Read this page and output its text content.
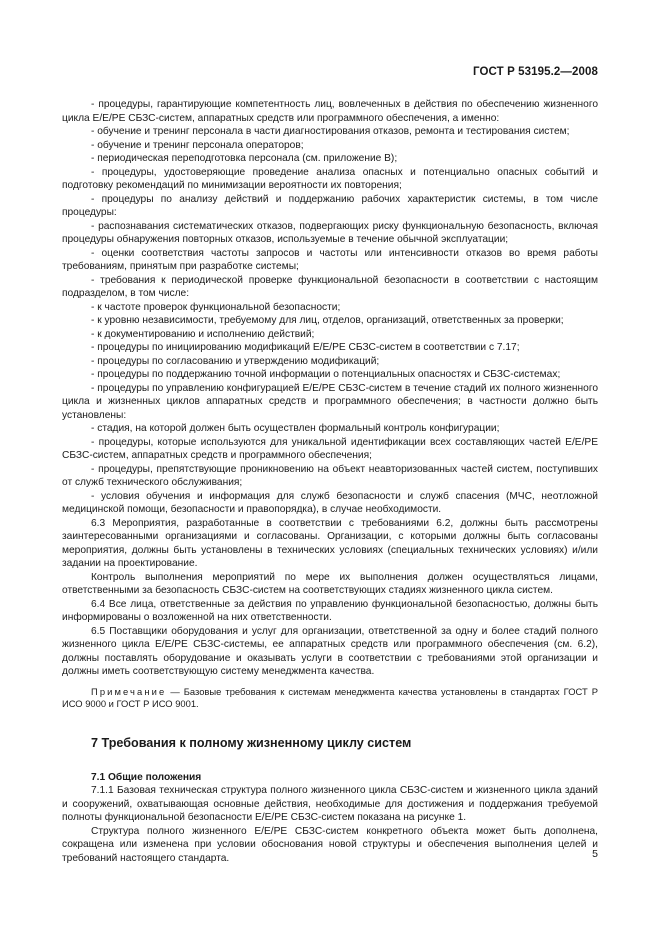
ГОСТ Р 53195.2—2008

- процедуры, гарантирующие компетентность лиц, вовлеченных в действия по обеспечению жизненного цикла Е/Е/РЕ СБЗС-систем, аппаратных средств или программного обеспечения, а именно:

- обучение и тренинг персонала в части диагностирования отказов, ремонта и тестирования систем;

- обучение и тренинг персонала операторов;

- периодическая переподготовка персонала (см. приложение В);

- процедуры, удостоверяющие проведение анализа опасных и потенциально опасных событий и подготовку рекомендаций по минимизации вероятности их повторения;

- процедуры по анализу действий и поддержанию рабочих характеристик системы, в том числе процедуры:

- распознавания систематических отказов, подвергающих риску функциональную безопасность, включая процедуры обнаружения повторных отказов, используемые в течение обычной эксплуатации;

- оценки соответствия частоты запросов и частоты или интенсивности отказов во время работы требованиям, принятым при разработке системы;

- требования к периодической проверке функциональной безопасности в соответствии с настоящим подразделом, в том числе:

- к частоте проверок функциональной безопасности;

- к уровню независимости, требуемому для лиц, отделов, организаций, ответственных за проверки;

- к документированию и исполнению действий;

- процедуры по инициированию модификаций Е/Е/РЕ СБЗС-систем в соответствии с 7.17;

- процедуры по согласованию и утверждению модификаций;

- процедуры по поддержанию точной информации о потенциальных опасностях и СБЗС-системах;

- процедуры по управлению конфигурацией Е/Е/РЕ СБЗС-систем в течение стадий их полного жизненного цикла и жизненных циклов аппаратных средств и программного обеспечения; в частности должно быть установлены:

- стадия, на которой должен быть осуществлен формальный контроль конфигурации;

- процедуры, которые используются для уникальной идентификации всех составляющих частей Е/Е/РЕ СБЗС-систем, аппаратных средств и программного обеспечения;

- процедуры, препятствующие проникновению на объект неавторизованных частей систем, поступивших от служб технического обслуживания;

- условия обучения и информация для служб безопасности и служб спасения (МЧС, неотложной медицинской помощи, безопасности и правопорядка), в случае необходимости.

6.3 Мероприятия, разработанные в соответствии с требованиями 6.2, должны быть рассмотрены заинтересованными организациями и согласованы. Организации, с которыми должны быть согласованы мероприятия, должны быть установлены в технических условиях (специальных технических условиях) и/или задании на проектирование.

Контроль выполнения мероприятий по мере их выполнения должен осуществляться лицами, ответственными за безопасность СБЗС-систем на соответствующих стадиях жизненного цикла систем.

6.4 Все лица, ответственные за действия по управлению функциональной безопасностью, должны быть информированы о возложенной на них ответственности.

6.5 Поставщики оборудования и услуг для организации, ответственной за одну и более стадий полного жизненного цикла Е/Е/РЕ СБЗС-системы, ее аппаратных средств или программного обеспечения (см. 6.2), должны поставлять оборудование и оказывать услуги в соответствии с требованиями этой организации и должны иметь соответствующую систему менеджмента качества.

Примечание — Базовые требования к системам менеджмента качества установлены в стандартах ГОСТ Р ИСО 9000 и ГОСТ Р ИСО 9001.

7 Требования к полному жизненному циклу систем
7.1 Общие положения

7.1.1 Базовая техническая структура полного жизненного цикла СБЗС-систем и жизненного цикла зданий и сооружений, охватывающая основные действия, необходимые для достижения и поддержания требуемой полноты функциональной безопасности Е/Е/РЕ СБЗС-систем показана на рисунке 1.

Структура полного жизненного Е/Е/РЕ СБЗС-систем конкретного объекта может быть дополнена, сокращена или изменена при условии обоснования новой структуры и обеспечения выполнения целей и требований настоящего стандарта.	5
